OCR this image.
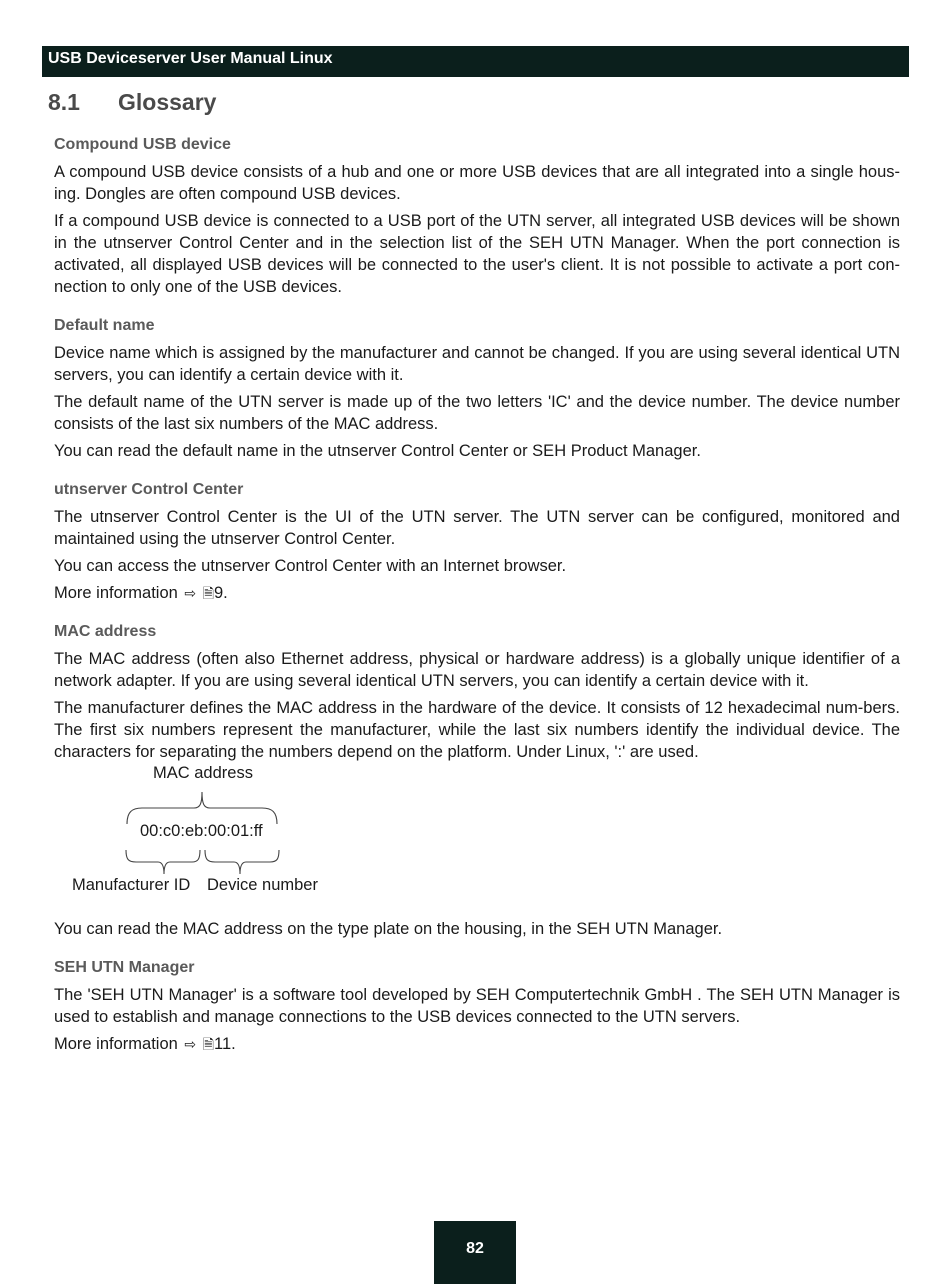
USB Deviceserver User Manual Linux
8.1 Glossary

Compound USB device

A compound USB device consists of a hub and one or more USB devices that are all integrated into a single hous-ing. Dongles are often compound USB devices.

If a compound USB device is connected to a USB port of the UTN server, all integrated USB devices will be shown in the utnserver Control Center and in the selection list of the SEH UTN Manager. When the port connection is activated, all displayed USB devices will be connected to the user's client. It is not possible to activate a port con-nection to only one of the USB devices.

Default name

Device name which is assigned by the manufacturer and cannot be changed. If you are using several identical UTN servers, you can identify a certain device with it.

The default name of the UTN server is made up of the two letters 'IC' and the device number. The device number consists of the last six numbers of the MAC address.

You can read the default name in the utnserver Control Center or SEH Product Manager.

utnserver Control Center

The utnserver Control Center is the UI of the UTN server. The UTN server can be configured, monitored and maintained using the utnserver Control Center.

You can access the utnserver Control Center with an Internet browser.

More information ⇨ 🗎9.

MAC address

The MAC address (often also Ethernet address, physical or hardware address) is a globally unique identifier of a network adapter. If you are using several identical UTN servers, you can identify a certain device with it.

The manufacturer defines the MAC address in the hardware of the device. It consists of 12 hexadecimal num-bers. The first six numbers represent the manufacturer, while the last six numbers identify the individual device. The characters for separating the numbers depend on the platform. Under Linux, ':' are used.

MAC address
00:c0:eb:00:01:ff
Manufacturer ID Device number

You can read the MAC address on the type plate on the housing, in the SEH UTN Manager.

SEH UTN Manager

The 'SEH UTN Manager' is a software tool developed by SEH Computertechnik GmbH . The SEH UTN Manager is used to establish and manage connections to the USB devices connected to the UTN servers.

More information ⇨ 🗎11.

82
